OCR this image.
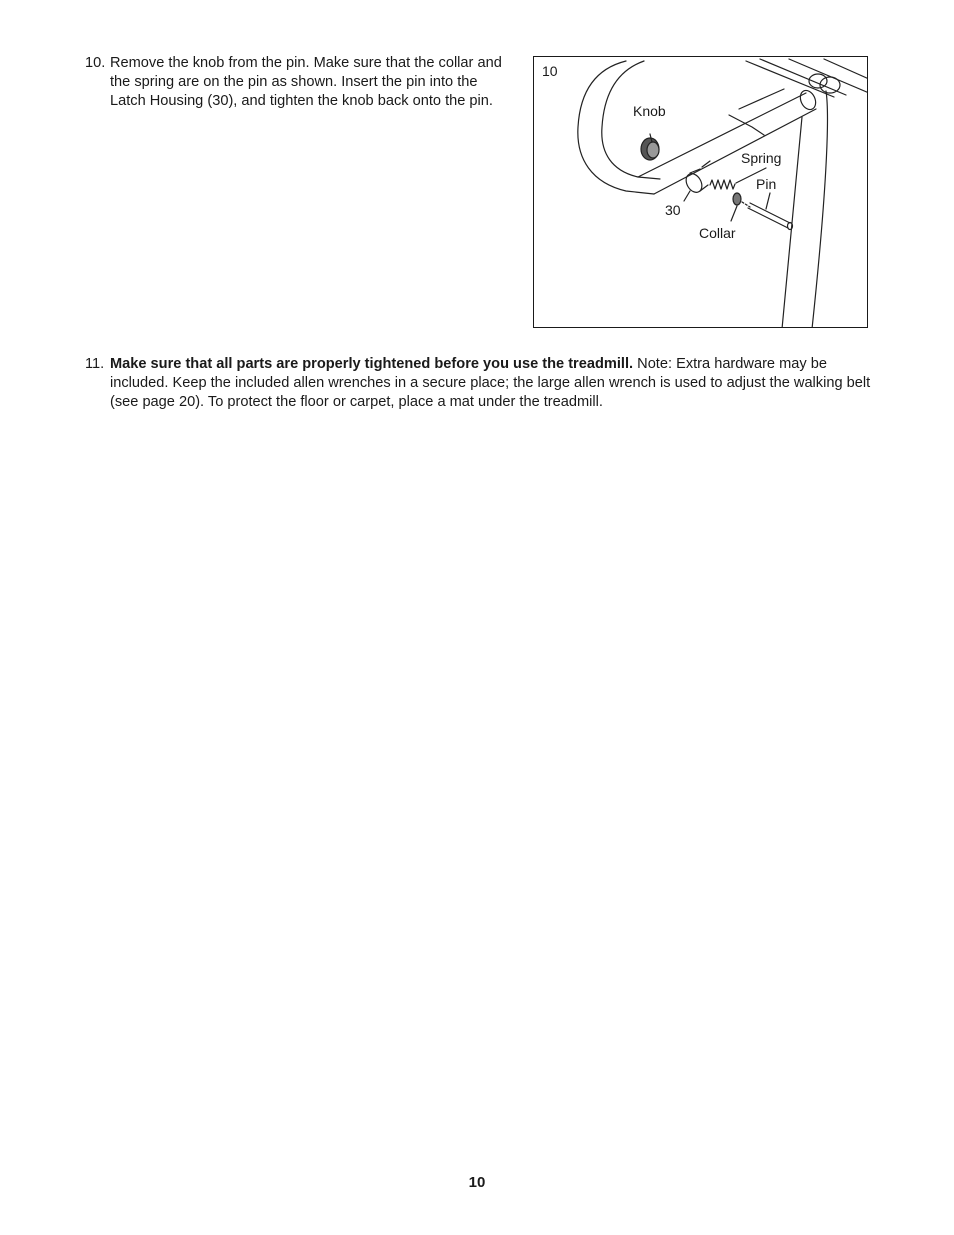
10. Remove the knob from the pin. Make sure that the collar and the spring are on the pin as shown. Insert the pin into the Latch Housing (30), and tighten the knob back onto the pin.
10
Knob
Spring
Pin
30
Collar
11. Make sure that all parts are properly tightened before you use the treadmill. Note: Extra hardware may be included. Keep the included allen wrenches in a secure place; the large allen wrench is used to adjust the walking belt (see page 20). To protect the floor or carpet, place a mat under the treadmill.
10
